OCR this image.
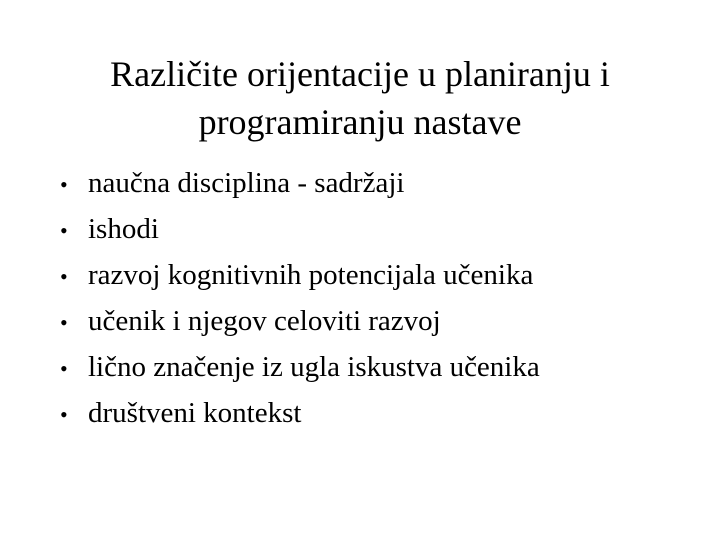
Različite orijentacije u planiranju i
programiranju nastave
• naučna disciplina - sadržaji
• ishodi
• razvoj kognitivnih potencijala učenika
• učenik i njegov celoviti razvoj
• lično značenje iz ugla iskustva učenika
• društveni kontekst
